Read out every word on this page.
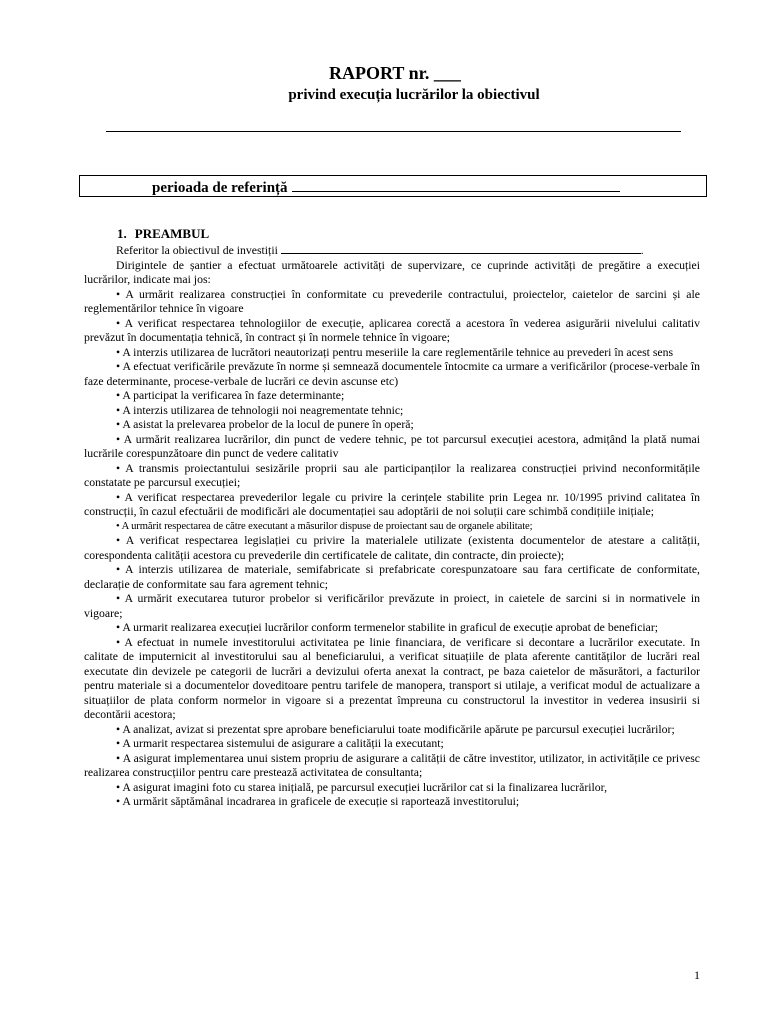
RAPORT nr. ___
privind execuția lucrărilor la obiectivul
perioada de referință
1. PREAMBUL

Referitor la obiectivul de investiții	.

Dirigintele de șantier a efectuat următoarele activități de supervizare, ce cuprinde activități de pregătire a execuției lucrărilor, indicate mai jos:

• A urmărit realizarea construcției în conformitate cu prevederile contractului, proiectelor, caietelor de sarcini și ale reglementărilor tehnice în vigoare

• A verificat respectarea tehnologiilor de execuție, aplicarea corectă a acestora în vederea asigurării nivelului calitativ prevăzut în documentația tehnică, în contract și în normele tehnice în vigoare;

• A interzis utilizarea de lucrători neautorizați pentru meseriile la care reglementările tehnice au prevederi în acest sens

• A efectuat verificările prevăzute în norme și semnează documentele întocmite ca urmare a verificărilor (procese-verbale în faze determinante, procese-verbale de lucrări ce devin ascunse etc)

• A participat la verificarea în faze determinante;

• A interzis utilizarea de tehnologii noi neagrementate tehnic;

• A asistat la prelevarea probelor de la locul de punere în operă;

• A urmărit realizarea lucrărilor, din punct de vedere tehnic, pe tot parcursul execuției acestora, admițând la plată numai lucrările corespunzătoare din punct de vedere calitativ

• A transmis proiectantului sesizările proprii sau ale participanților la realizarea construcției privind neconformitățile constatate pe parcursul execuției;

• A verificat respectarea prevederilor legale cu privire la cerințele stabilite prin Legea nr. 10/1995 privind calitatea în construcții, în cazul efectuării de modificări ale documentației sau adoptării de noi soluții care schimbă condițiile inițiale;

• A urmărit respectarea de către executant a măsurilor dispuse de proiectant sau de organele abilitate;

• A verificat respectarea legislației cu privire la materialele utilizate (existenta documentelor de atestare a calității, corespondenta calității acestora cu prevederile din certificatele de calitate, din contracte, din proiecte);

• A interzis utilizarea de materiale, semifabricate si prefabricate corespunzatoare sau fara certificate de conformitate, declarație de conformitate sau fara agrement tehnic;

• A urmărit executarea tuturor probelor si verificărilor prevăzute in proiect, in caietele de sarcini si in normativele in vigoare;

• A urmarit realizarea execuției lucrărilor conform termenelor stabilite in graficul de execuție aprobat de beneficiar;

• A efectuat in numele investitorului activitatea pe linie financiara, de verificare si decontare a lucrărilor executate. In calitate de imputernicit al investitorului sau al beneficiarului, a verificat situațiile de plata aferente cantităților de lucrări real executate din devizele pe categorii de lucrări a devizului oferta anexat la contract, pe baza caietelor de măsurători, a facturilor pentru materiale si a documentelor doveditoare pentru tarifele de manopera, transport si utilaje, a verificat modul de actualizare a situațiilor de plata conform normelor in vigoare si a prezentat împreuna cu constructorul la investitor in vederea insusirii si decontării acestora;

• A analizat, avizat si prezentat spre aprobare beneficiarului toate modificările apărute pe parcursul execuției lucrărilor;

• A urmarit respectarea sistemului de asigurare a calității la executant;

• A asigurat implementarea unui sistem propriu de asigurare a calității de către investitor, utilizator, in activitățile ce privesc realizarea construcțiilor pentru care prestează activitatea de consultanta;

• A asigurat imagini foto cu starea inițială, pe parcursul execuției lucrărilor cat si la finalizarea lucrărilor,

• A urmărit săptămânal incadrarea in graficele de execuție si raportează investitorului;

1
